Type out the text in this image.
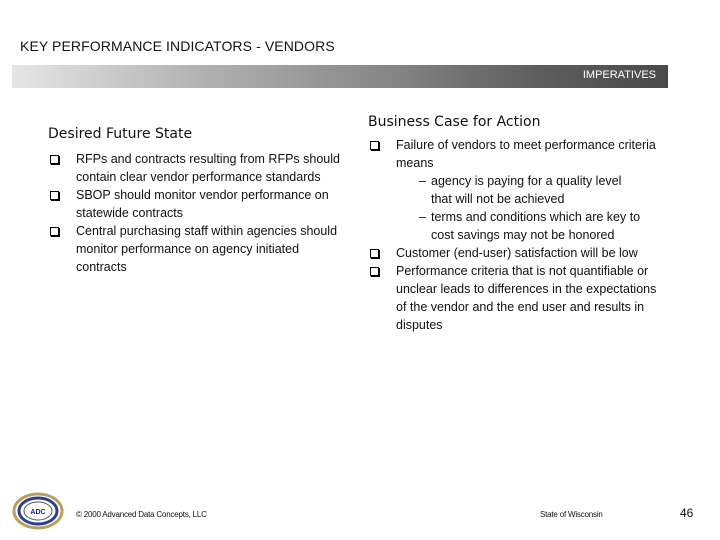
KEY PERFORMANCE INDICATORS - VENDORS
IMPERATIVES
Desired Future State
RFPs and contracts resulting from RFPs should contain clear vendor performance standards
SBOP should monitor vendor performance on statewide contracts
Central purchasing staff within agencies should monitor performance on agency initiated contracts
Business Case for Action
Failure of vendors to meet performance criteria means
– agency is paying for a quality level
that will not be achieved
– terms and conditions which are key to
cost savings may not be honored
Customer (end-user) satisfaction will be low
Performance criteria that is not quantifiable or unclear leads to differences in the expectations of the vendor and the end user and results in disputes
ADC	© 2000 Advanced Data Concepts, LLC	State of Wisconsin	46
